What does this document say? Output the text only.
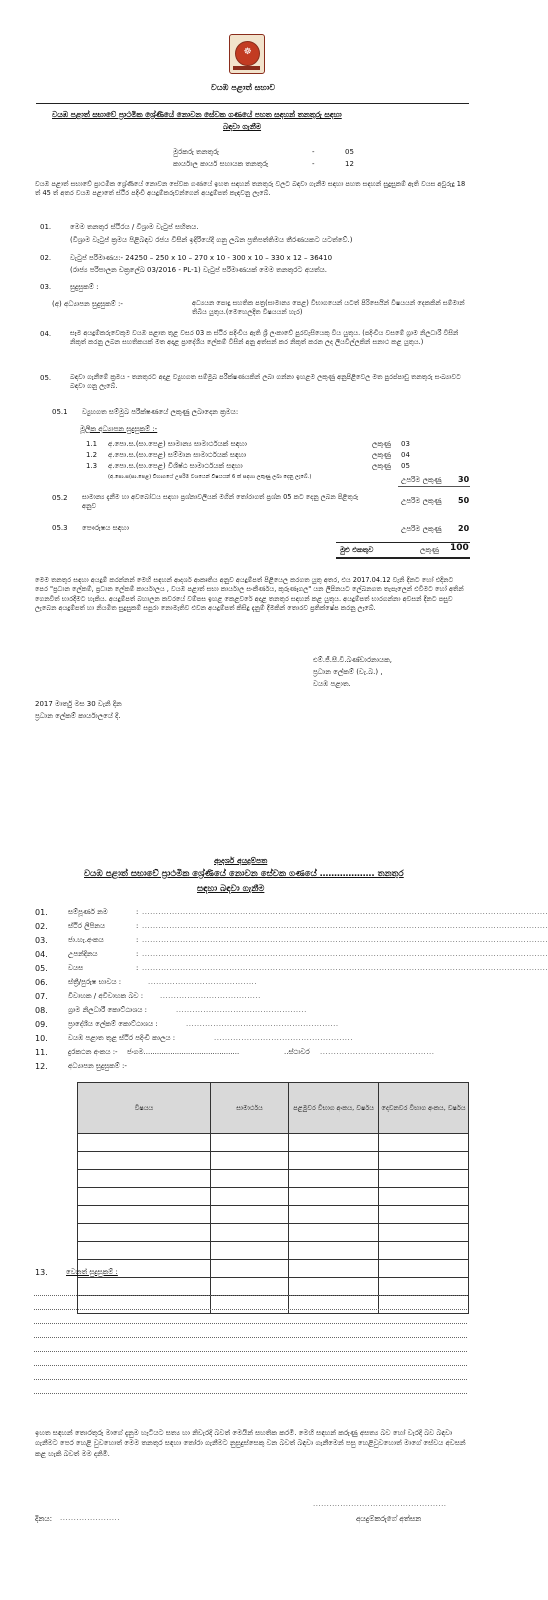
☸
වයඹ පළාත් සභාව
වයඹ පළාත් සභාවේ ප්‍රාථමික ශ්‍රේණියේ නොවන සේවක ගණයේ පහත සඳහන් තනතුරු සඳහා
බඳවා ගැනීම
මුරකරු තනතුරු	-	05
කාර්යාල කාර්ය සහායක තනතුරු	-	12
වයඹ පළාත් සභාවේ ප්‍රාථමික ශ්‍රේණියේ නොවන සේවක ගණයේ ඉහත සඳහන් තනතුරු වලට බඳවා ගැනීම සඳහා පහත සඳහන් සුදුසුකම් ඇති වයස අවුරුදු 18 ත් 45 ත් අතර වයඹ පළාතේ ස්ථිර පදිංචි අයදුම්කරුවන්ගෙන් අයදුම්පත් කැඳවනු ලැබේ.
01.	මෙම තනතුර ස්ථිරය / විශ්‍රාම වැටුප් සහිතය.
(විශ්‍රාම වැටුප් ක්‍රමය පිළිබඳව රජය විසින් ඉදිරියේදී ගනු ලබන ප්‍රතිපත්තිමය තීරණයකට යටත්වේ.)
02.	වැටුප් පරිමාණය:- 24250 – 250 x 10 – 270 x 10 - 300 x 10 – 330 x 12 – 36410
(රාජ්‍ය පරිපාලන චක්‍රලේඛ 03/2016 - PL-1) වැටුප් පරිමාණයක් මෙම තනතුරට අයත්ය.
03.	සුදුසුකම් :
(අ) අධ්‍යාපන සුදුසුකම් :-	අධ්‍යයන පොදු සහතික පත්‍ර(සාමාන්‍ය පෙළ) විභාගයෙන් යටත් පිරිසෙයින් විෂයයන් දෙකකින් සම්මාන් තිබිය යුතුය.(මෙහෙලදිත විෂයයන් හැර)
04.	සෑම අයදුම්කරුවෙකුම වයඹ පළාත තුළ වසර 03 ක ස්ථිර පදිංචිය ඇති ශ්‍රී ලංකාවේ පුරවැසියෙකු විය යුතුය. (පදිංචිය වසමේ ග්‍රාම නිලධාරී විසින් නිකුත් කරනු ලබන සහතිකයක් මත අදාළ ප්‍රාදේශීය ලේකම් විසින් අනු අත්සන් කර නිකුත් කරන ලද ලියවිල්ලකින් සනාථ කළ යුතුය.)
05.	බඳවා ගැනීමේ ක්‍රමය - තනතුරට අදාළ ව්‍යුහගත සම්මුඛ පරීක්ෂණයකින් ලබා ගන්නා ඉහළම ලකුණු අනුපිළිවෙල මත පුරප්පාඩු තනතුරු සංඛ්‍යාවට බඳවා ගනු ලැබේ.
05.1 ව්‍යුහගත සම්මුඛ පරීක්ෂණයේ ලකුණු ලබාදෙන ක්‍රමය:
මූලික අධ්‍යාපන සුදුසුකම් :-
1.1 අ.පො.ස.(සා.පෙළ) සාමාන්‍ය සාමාර්ථයක් සඳහා	ලකුණු 03
1.2 අ.පො.ස.(සා.පෙළ) සම්මාන සාමාර්ථයක් සඳහා	ලකුණු 04
1.3 අ.පො.ස.(සා.පෙළ) විශිෂ්ඨ සාමාර්ථයක් සඳහා	ලකුණු 05
(අ.පො.ස(සා.පෙළ) විභාගයේ උපරිම වශයෙන් විෂයයන් 6 ක් සඳහා ලකුණු ලබා දෙනු ලැබේ.)	උපරිම ලකුණු 30
05.2 සාමාන්‍ය දැනීම හා අවබෝධය සඳහා ප්‍රශ්නාවලියක් මගින් තෝරාගත් ප්‍රශ්න 05 කට දෙනු ලබන පිළිතුරු අනුව
උපරිම ලකුණු 50
05.3 පෞරුෂය සඳහා	උපරිම ලකුණු 20
මුළු එකතුව	ලකුණු 100
මෙම තනතුර සඳහා අයදුම් කරන්නන් මෙහි සඳහන් ආදර්ශ ආකෘතිය අනුව අයදුම්පත් පිළියෙල කරගත යුතු අතර, එය 2017.04.12 වැනි දිනට හෝ එදිනට පෙර "ප්‍රධාන ලේකම්, ප්‍රධාන ලේකම් කාර්යාලය , වයඹ පළාත් සභා කාර්යාල සංකීර්ණය, කුරුණෑගල" යන ලිපිනයට ලේඛනගත තැපැලෙන් එවීමට හෝ අතින් ගෙනවිත් භාරදීමට හැකිය. අයදුම්පත් බහාලන කවරයේ වම්පස ඉහළ කෙළවරේ අදාළ තනතුර සඳහන් කළ යුතුය. අයදුම්පත් භාරගන්නා අවසන් දිනට පසුව ලැබෙන අයදුම්පත් හා නියමිත සුදුසුකම් සපුරා නොමැතිව එවන අයදුම්පත් කිසිදු දැනුම් දීමකින් තොරව ප්‍රතික්ෂේප කරනු ලැබේ.
එම්.ජී.සී.වී.බණ්ඩාරනායක,
ප්‍රධාන ලේකම් (වැ.බ.) ,
වයඹ පළාත.
2017 මාර්තු මස 30 වැනි දින
ප්‍රධාන ලේකම් කාර්යාලයේ දී.
ආදර්ශ අයදුම්පත
වයඹ පළාත් සභාවේ ප්‍රාථමික ශ්‍රේණියේ නොවන සේවක ගණයේ ………………. තනතුර
සඳහා බඳවා ගැනීම
01.	සම්පූර්ණ නම	: .....................................................................................................................................................
02.	ස්ථිර ලිපිනය	: .....................................................................................................................................................
03.	ජා.හැ.අංකය	: .....................................................................................................................................................
04.	උපන්දිනය	: .....................................................................................................................................................
05.	වයස	: .....................................................................................................................................................
06.	ස්ත්‍රී/පුරුෂ භාවය :	........................................
07.	විවාහක / අවිවාහක බව : .....................................
08.	ග්‍රාම නිලධාරී කොට්ඨාශය :	................................................
09.	ප්‍රාදේශීය ලේකම් කොට්ඨාශය :	........................................................
10.	වයඹ පළාත තුළ ස්ථිර පදිංචි කාලය :	...................................................
11.	දුරකථන අංකය :- ජංගම...........................................	..ස්ථාවර ..........................................
12.	අධ්‍යාපන සුදුසුකම් :-
විෂයය	සාමාර්ථය	පළමුවර විභාග අංකය, වර්ෂය	දෙවනවර විභාග අංකය, වර්ෂය

13.	වෙනත් සුදුසුකම් :
ඉහත සඳහන් තොරතුරු මාගේ දැනුම හැටියට සත්‍ය හා නිවැරදි බවත් මෙයින් සහතික කරමි. මෙහි සඳහන් කරුණු අසත්‍ය බව හෝ වැරදි බව බඳවා ගැනීමට පෙර හෙළි වුවහොත් මෙම තනතුර සඳහා තෝරා ගැනීමට නුසුදුස්සෙකු වන බවත් බඳවා ගැනීමෙන් පසු හෙළිවුවහොත් මාගේ සේවය අවසන් කළ හැකි බවත් මම දනිමි.
.................................................
දිනය: ......................	අයදුම්කරුගේ අත්සන
